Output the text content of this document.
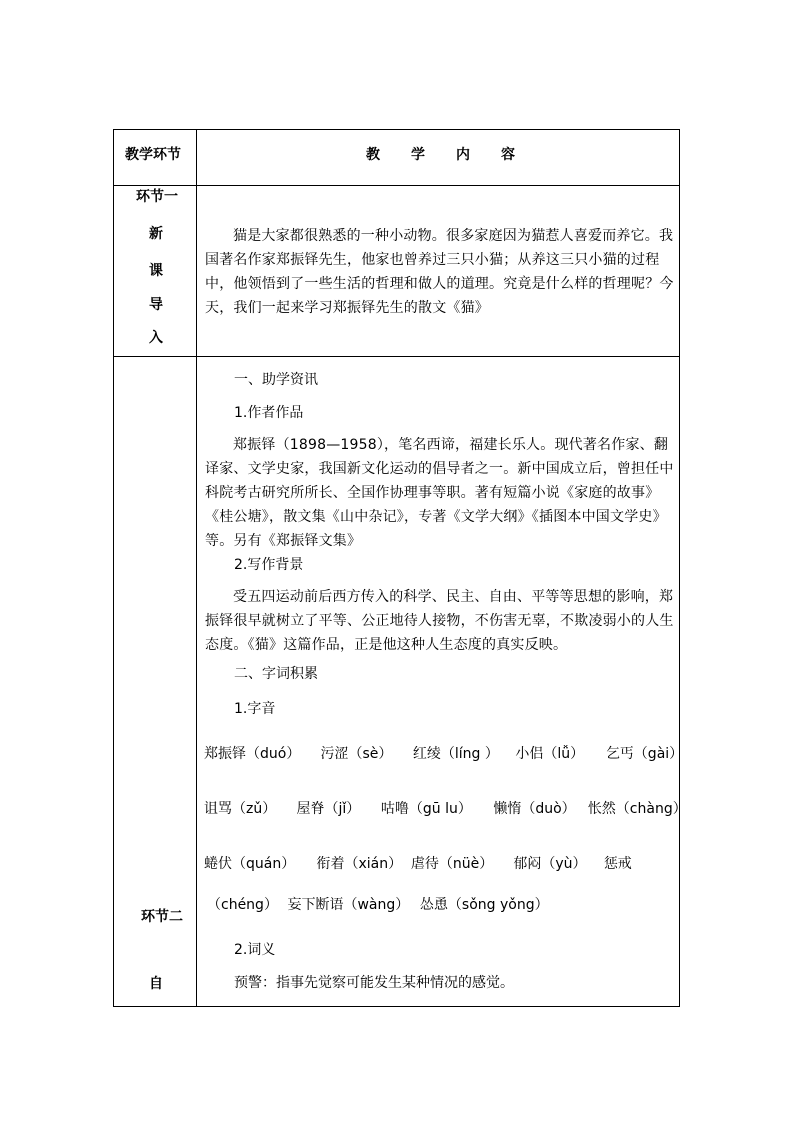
教学环节	教　　学　　内　　容
环节一
新
课
导
入
猫是大家都很熟悉的一种小动物。很多家庭因为猫惹人喜爱而养它。我国著名作家郑振铎先生，他家也曾养过三只小猫；从养这三只小猫的过程中，他领悟到了一些生活的哲理和做人的道理。究竟是什么样的哲理呢？今天，我们一起来学习郑振铎先生的散文《猫》
环节二
自
一、助学资讯
1.作者作品
郑振铎（1898—1958），笔名西谛，福建长乐人。现代著名作家、翻译家、文学史家，我国新文化运动的倡导者之一。新中国成立后，曾担任中科院考古研究所所长、全国作协理事等职。著有短篇小说《家庭的故事》《桂公塘》，散文集《山中杂记》，专著《文学大纲》《插图本中国文学史》等。另有《郑振铎文集》
2.写作背景
受五四运动前后西方传入的科学、民主、自由、平等等思想的影响，郑振铎很早就树立了平等、公正地待人接物，不伤害无辜，不欺凌弱小的人生态度。《猫》这篇作品，正是他这种人生态度的真实反映。
二、字词积累
1.字音
郑振铎（duó） 污涩（sè） 红绫（líng ） 小侣（lǚ） 乞丐（gài）
诅骂（zǔ） 屋脊（jǐ） 咕噜（gū lu） 懒惰（duò） 怅然（chàng）
蜷伏（quán） 衔着（xián） 虐待（nüè） 郁闷（yù） 惩戒
（chéng） 妄下断语（wàng） 怂恿（sǒng yǒng）
2.词义
预警：指事先觉察可能发生某种情况的感觉。
